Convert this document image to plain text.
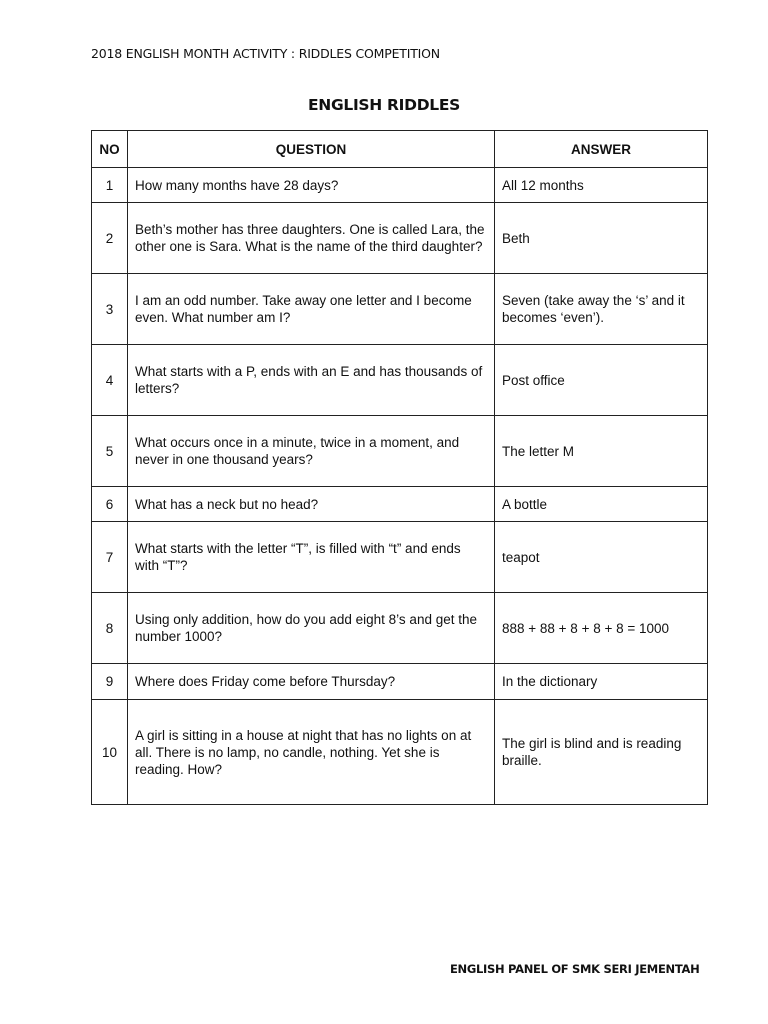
2018 ENGLISH MONTH ACTIVITY : RIDDLES COMPETITION
ENGLISH RIDDLES
NO	QUESTION	ANSWER
1	How many months have 28 days?	All 12 months
2	Beth’s mother has three daughters. One is called Lara, the other one is Sara. What is the name of the third daughter?	Beth
3	I am an odd number. Take away one letter and I become even. What number am I?	Seven (take away the ‘s’ and it becomes ‘even’).
4	What starts with a P, ends with an E and has thousands of letters?	Post office
5	What occurs once in a minute, twice in a moment, and never in one thousand years?	The letter M
6	What has a neck but no head?	A bottle
7	What starts with the letter “T”, is filled with “t” and ends with “T”?	teapot
8	Using only addition, how do you add eight 8’s and get the number 1000?	888 + 88 + 8 + 8 + 8 = 1000
9	Where does Friday come before Thursday?	In the dictionary
10	A girl is sitting in a house at night that has no lights on at all. There is no lamp, no candle, nothing. Yet she is reading. How?	The girl is blind and is reading braille.
ENGLISH PANEL OF SMK SERI JEMENTAH
